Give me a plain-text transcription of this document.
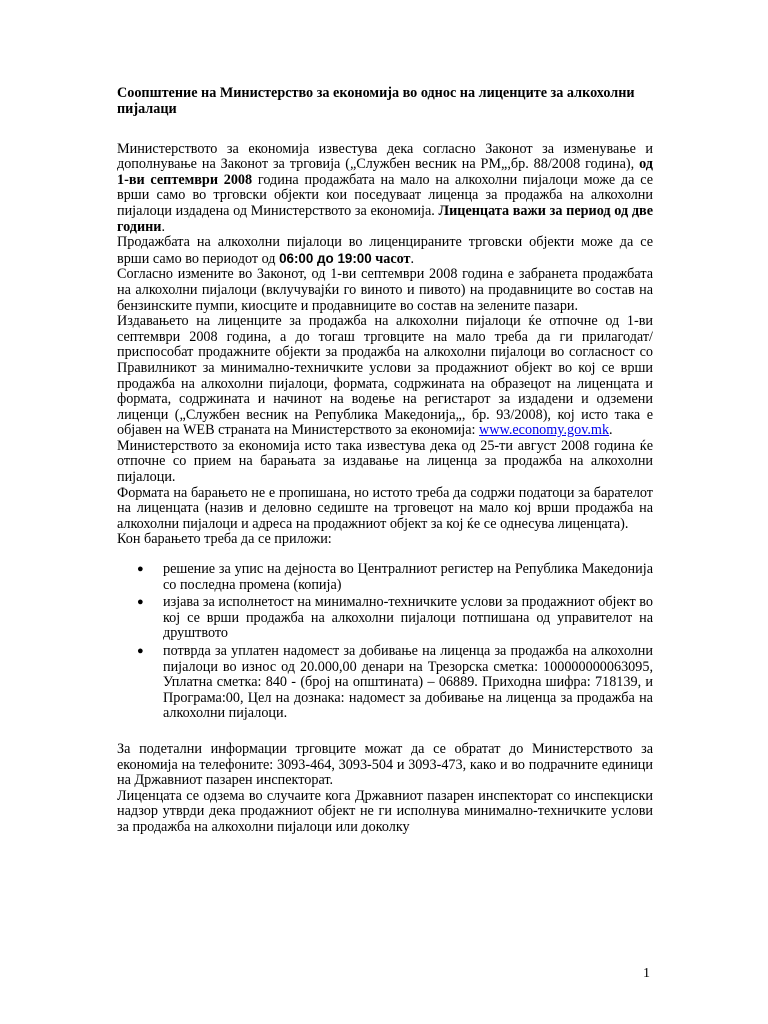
Соопштение на Министерство за економија во однос на лиценците за алкохолни пијалаци

Министерството за економија известува дека согласно Законот за изменување и дополнување на Законот за трговија („Службен весник на РМ„,бр. 88/2008 година), од 1-ви септември 2008 година продажбата на мало на алкохолни пијалоци може да се врши само во трговски објекти кои поседуваат лиценца за продажба на алкохолни пијалоци издадена од Министерството за економија. Лиценцата важи за период од две години.

Продажбата на алкохолни пијалоци во лиценцираните трговски објекти може да се врши само во периодот од 06:00 до 19:00 часот.

Согласно измените во Законот, од 1-ви септември 2008 година е забранета продажбата на алкохолни пијалоци (вклучувајќи го виното и пивото) на продавниците во состав на бензинските пумпи, киосците и продавниците во состав на зелените пазари.

Издавањето на лиценците за продажба на алкохолни пијалоци ќе отпочне од 1-ви септември 2008 година, а до тогаш трговците на мало треба да ги прилагодат/приспособат продажните објекти за продажба на алкохолни пијалоци во согласност со Правилникот за минимално-техничките услови за продажниот објект во кој се врши продажба на алкохолни пијалоци, формата, содржината на образецот на лиценцата и формата, содржината и начинот на водење на регистарот за издадени и одземени лиценци („Службен весник на Република Македонија„, бр. 93/2008), кој исто така е објавен на WEB страната на Министерството за економија: www.economy.gov.mk.

Министерството за економија исто така известува дека од 25-ти август 2008 година ќе отпочне со прием на барањата за издавање на лиценца за продажба на алкохолни пијалоци.

Формата на барањето не е пропишана, но истото треба да содржи податоци за барателот на лиценцата (назив и деловно седиште на трговецот на мало кој врши продажба на алкохолни пијалоци и адреса на продажниот објект за кој ќе се однесува лиценцата).

Кон барањето треба да се приложи:

● решение за упис на дејноста во Централниот регистер на Република Македонија со последна промена (копија)
● изјава за исполнетост на минимално-техничките услови за продажниот објект во кој се врши продажба на алкохолни пијалоци потпишана од управителот на друштвото
● потврда за уплатен надомест за добивање на лиценца за продажба на алкохолни пијалоци во износ од 20.000,00 денари на Трезорска сметка: 100000000063095, Уплатна сметка: 840 - (број на општината) – 06889. Приходна шифра: 718139, и Програма:00, Цел на дознака: надомест за добивање на лиценца за продажба на алкохолни пијалоци.

За подетални информации трговците можат да се обратат до Министерството за економија на телефоните: 3093-464, 3093-504 и 3093-473, како и во подрачните единици на Државниот пазарен инспекторат.

Лиценцата се одзема во случаите кога Државниот пазарен инспекторат со инспекциски надзор утврди дека продажниот објект не ги исполнува минимално-техничките услови за продажба на алкохолни пијалоци или доколку

1
